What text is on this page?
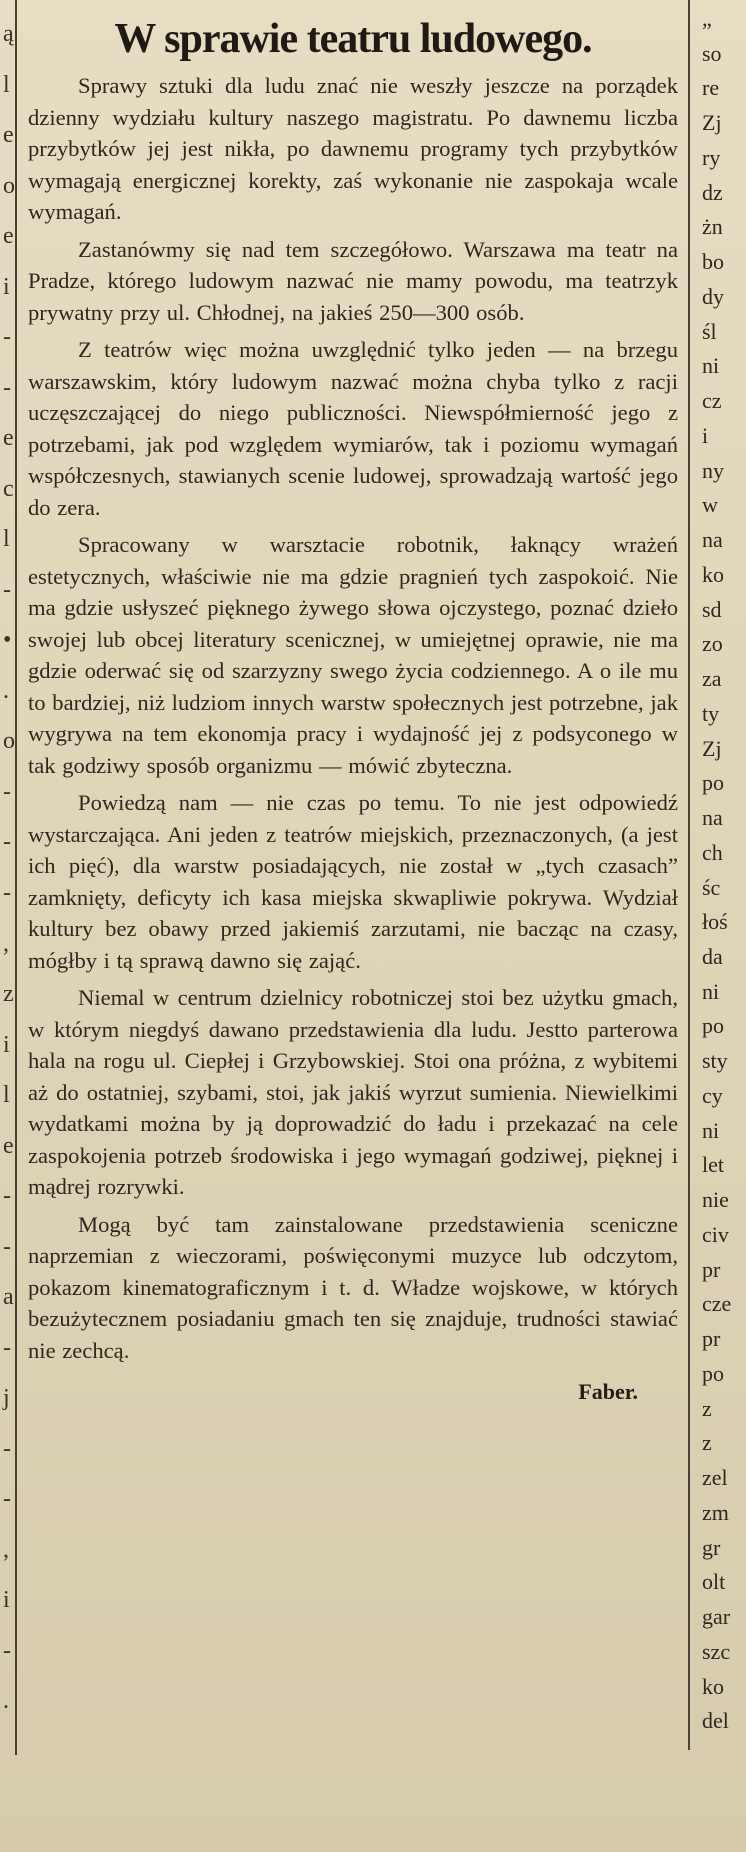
ą
l
e
o
e
i
-
-
e
c
l
-
•
.
o
-
-
-
,
z
i
l
e
-
-
a
-
j
-
-
,
i
-
.
W sprawie teatru ludowego.

Sprawy sztuki dla ludu znać nie weszły jeszcze na porządek dzienny wydziału kultury naszego magistratu. Po dawnemu liczba przybytków jej jest nikła, po dawnemu programy tych przybytków wymagają energicznej korekty, zaś wykonanie nie zaspokaja wcale wymagań.

Zastanówmy się nad tem szczegółowo. Warszawa ma teatr na Pradze, którego ludowym nazwać nie mamy powodu, ma teatrzyk prywatny przy ul. Chłodnej, na jakieś 250—300 osób.

Z teatrów więc można uwzględnić tylko jeden — na brzegu warszawskim, który ludowym nazwać można chyba tylko z racji uczęszczającej do niego publiczności. Niewspółmierność jego z potrzebami, jak pod względem wymiarów, tak i poziomu wymagań współczesnych, stawianych scenie ludowej, sprowadzają wartość jego do zera.

Spracowany w warsztacie robotnik, łaknący wrażeń estetycznych, właściwie nie ma gdzie pragnień tych zaspokoić. Nie ma gdzie usłyszeć pięknego żywego słowa ojczystego, poznać dzieło swojej lub obcej literatury scenicznej, w umiejętnej oprawie, nie ma gdzie oderwać się od szarzyzny swego życia codziennego. A o ile mu to bardziej, niż ludziom innych warstw społecznych jest potrzebne, jak wygrywa na tem ekonomja pracy i wydajność jej z podsyconego w tak godziwy sposób organizmu — mówić zbyteczna.

Powiedzą nam — nie czas po temu. To nie jest odpowiedź wystarczająca. Ani jeden z teatrów miejskich, przeznaczonych, (a jest ich pięć), dla warstw posiadających, nie został w „tych czasach” zamknięty, deficyty ich kasa miejska skwapliwie pokrywa. Wydział kultury bez obawy przed jakiemiś zarzutami, nie bacząc na czasy, mógłby i tą sprawą dawno się zająć.

Niemal w centrum dzielnicy robotniczej stoi bez użytku gmach, w którym niegdyś dawano przedstawienia dla ludu. Jestto parterowa hala na rogu ul. Ciepłej i Grzybowskiej. Stoi ona próżna, z wybitemi aż do ostatniej, szybami, stoi, jak jakiś wyrzut sumienia. Niewielkimi wydatkami można by ją doprowadzić do ładu i przekazać na cele zaspokojenia potrzeb środowiska i jego wymagań godziwej, pięknej i mądrej rozrywki.

Mogą być tam zainstalowane przedstawienia sceniczne naprzemian z wieczorami, poświęconymi muzyce lub odczytom, pokazom kinematograficznym i t. d. Władze wojskowe, w których bezużytecznem posiadaniu gmach ten się znajduje, trudności stawiać nie zechcą.

Faber.
„
so
re
Zj
ry
dz
żn
bo
dy
śl
ni
cz
i
ny
w
na
ko
sd
zo
za
ty
Zj
po
na
ch
śc
łoś
da
ni
po
sty
cy
ni
let
nie
civ
pr
cze
pr
po
z
z
zel
zm
gr
olt
gar
szc
ko
del
